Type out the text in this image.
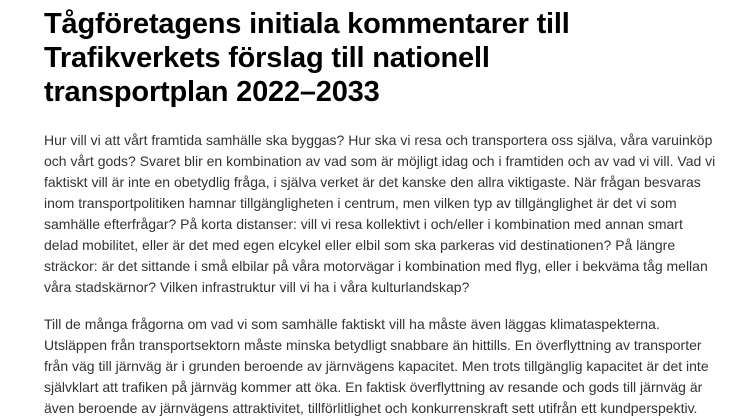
Tågföretagens initiala kommentarer till
Trafikverkets förslag till nationell
transportplan 2022–2033
Hur vill vi att vårt framtida samhälle ska byggas? Hur ska vi resa och transportera oss själva, våra varuinköp
och vårt gods? Svaret blir en kombination av vad som är möjligt idag och i framtiden och av vad vi vill. Vad vi
faktiskt vill är inte en obetydlig fråga, i själva verket är det kanske den allra viktigaste. När frågan besvaras
inom transportpolitiken hamnar tillgängligheten i centrum, men vilken typ av tillgänglighet är det vi som
samhälle efterfrågar? På korta distanser: vill vi resa kollektivt i och/eller i kombination med annan smart
delad mobilitet, eller är det med egen elcykel eller elbil som ska parkeras vid destinationen? På längre
sträckor: är det sittande i små elbilar på våra motorvägar i kombination med flyg, eller i bekväma tåg mellan
våra stadskärnor? Vilken infrastruktur vill vi ha i våra kulturlandskap?
Till de många frågorna om vad vi som samhälle faktiskt vill ha måste även läggas klimataspekterna.
Utsläppen från transportsektorn måste minska betydligt snabbare än hittills. En överflyttning av transporter
från väg till järnväg är i grunden beroende av järnvägens kapacitet. Men trots tillgänglig kapacitet är det inte
självklart att trafiken på järnväg kommer att öka. En faktisk överflyttning av resande och gods till järnväg är
även beroende av järnvägens attraktivitet, tillförlitlighet och konkurrenskraft sett utifrån ett kundperspektiv.
